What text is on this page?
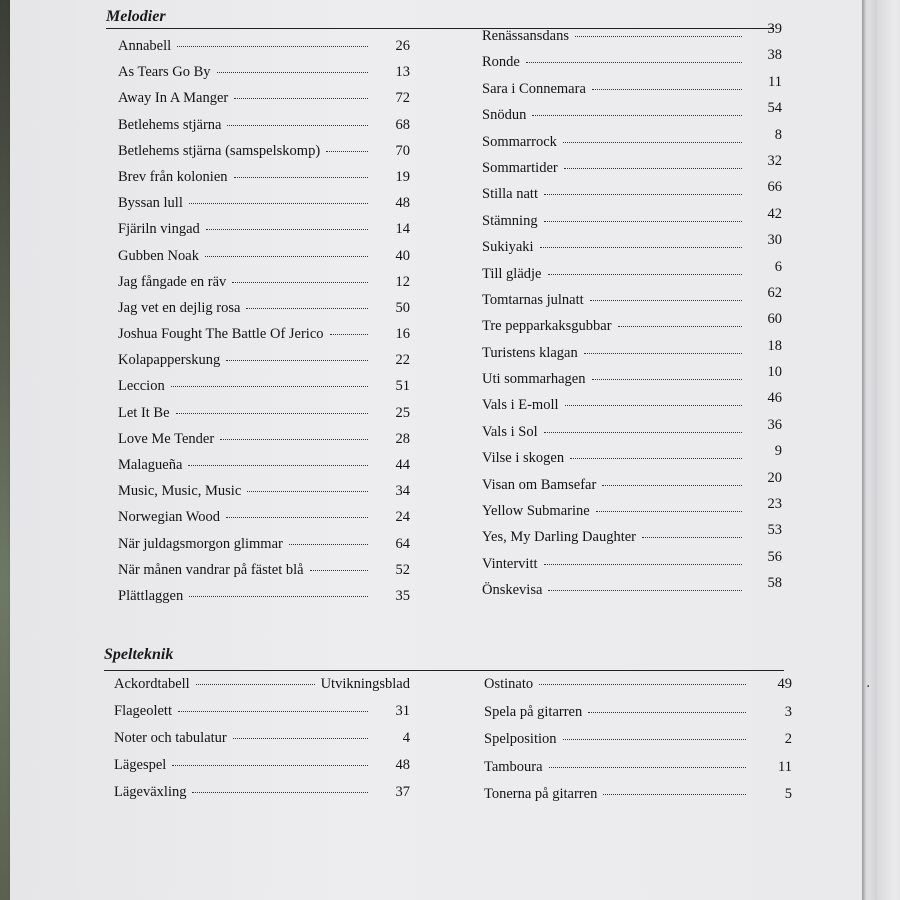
·
Melodier
Annabell	26
As Tears Go By	13
Away In A Manger	72
Betlehems stjärna	68
Betlehems stjärna (samspelskomp)	70
Brev från kolonien	19
Byssan lull	48
Fjäriln vingad	14
Gubben Noak	40
Jag fångade en räv	12
Jag vet en dejlig rosa	50
Joshua Fought The Battle Of Jerico	16
Kolapapperskung	22
Leccion	51
Let It Be	25
Love Me Tender	28
Malagueña	44
Music, Music, Music	34
Norwegian Wood	24
När juldagsmorgon glimmar	64
När månen vandrar på fästet blå	52
Plättlaggen	35
Renässansdans	39
Ronde	38
Sara i Connemara	11
Snödun	54
Sommarrock	8
Sommartider	32
Stilla natt	66
Stämning	42
Sukiyaki	30
Till glädje	6
Tomtarnas julnatt	62
Tre pepparkaksgubbar	60
Turistens klagan	18
Uti sommarhagen	10
Vals i E-moll	46
Vals i Sol	36
Vilse i skogen	9
Visan om Bamsefar	20
Yellow Submarine	23
Yes, My Darling Daughter	53
Vintervitt	56
Önskevisa	58
Spelteknik
Ackordtabell	Utvikningsblad
Flageolett	31
Noter och tabulatur	4
Lägespel	48
Lägeväxling	37
Ostinato	49
Spela på gitarren	3
Spelposition	2
Tamboura	11
Tonerna på gitarren	5
